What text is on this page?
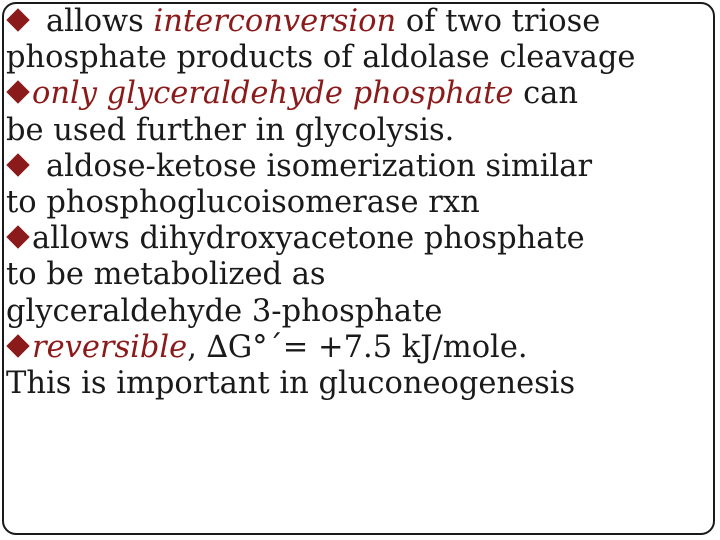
allows interconversion of two triose
phosphate products of aldolase cleavage
only glyceraldehyde phosphate can
be used further in glycolysis.
aldose-ketose isomerization similar
to phosphoglucoisomerase rxn
allows dihydroxyacetone phosphate
to be metabolized as
glyceraldehyde 3-phosphate
reversible, ∆G°´= +7.5 kJ/mole.
This is important in gluconeogenesis
